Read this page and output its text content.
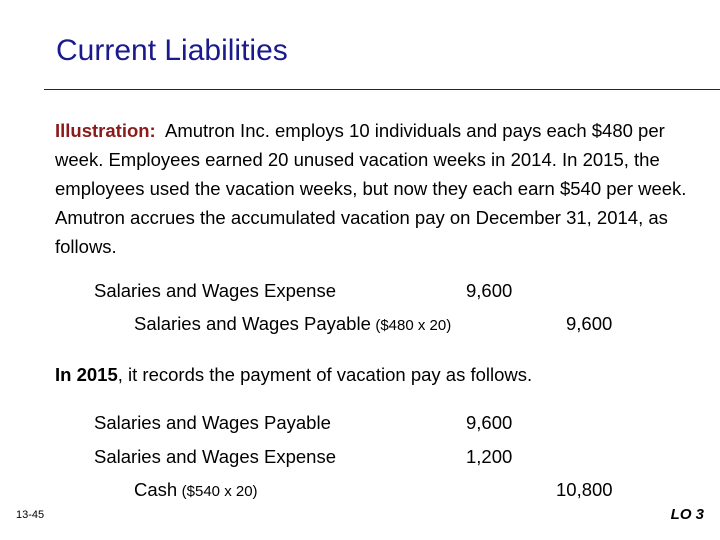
Current Liabilities
Illustration: Amutron Inc. employs 10 individuals and pays each $480 per week. Employees earned 20 unused vacation weeks in 2014. In 2015, the employees used the vacation weeks, but now they each earn $540 per week. Amutron accrues the accumulated vacation pay on December 31, 2014, as follows.
Salaries and Wages Expense	9,600
Salaries and Wages Payable ($480 x 20)	9,600
In 2015, it records the payment of vacation pay as follows.
Salaries and Wages Payable	9,600
Salaries and Wages Expense	1,200
Cash ($540 x 20)	10,800
13-45	LO 3
